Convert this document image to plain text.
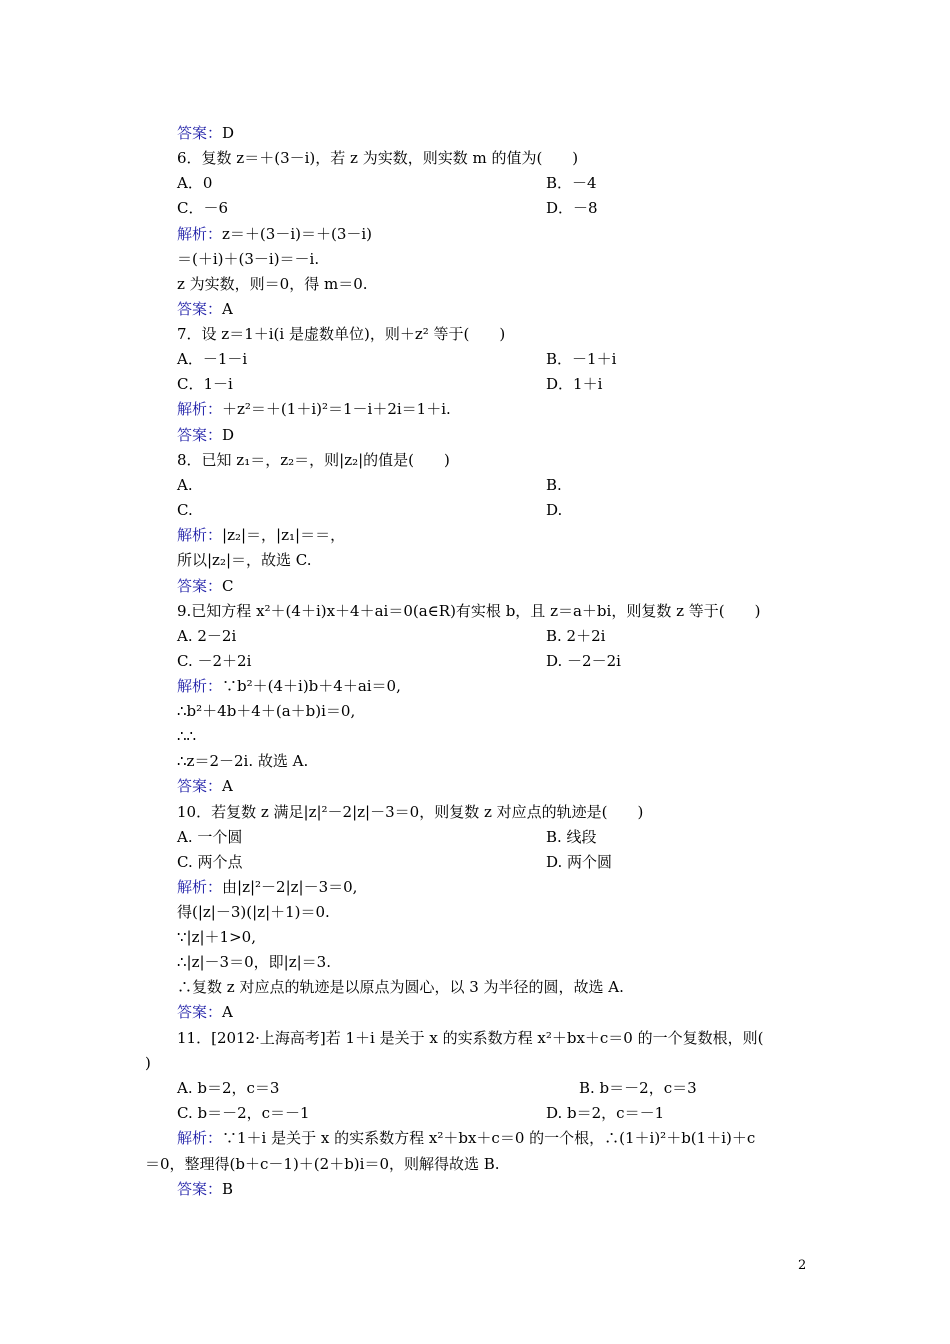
答案：D
6．复数 z＝＋(3－i)，若 z 为实数，则实数 m 的值为(　　)
A．0	B．－4
C．－6	D．－8
解析：z＝＋(3－i)＝＋(3－i)
＝(＋i)＋(3－i)＝－i.
z 为实数，则＝0，得 m＝0.
答案：A
7．设 z＝1＋i(i 是虚数单位)，则＋z² 等于(　　)
A．－1－i	B．－1＋i
C．1－i	D．1＋i
解析：＋z²＝＋(1＋i)²＝1－i＋2i＝1＋i.
答案：D
8．已知 z₁＝，z₂＝，则|z₂|的值是(　　)
A.	B.
C.	D.
解析：|z₂|＝，|z₁|＝＝，
所以|z₂|＝，故选 C.
答案：C
9.已知方程 x²＋(4＋i)x＋4＋ai＝0(a∈R)有实根 b，且 z＝a＋bi，则复数 z 等于(　　)
A. 2－2i	B. 2＋2i
C. －2＋2i	D. －2－2i
解析：∵b²＋(4＋i)b＋4＋ai＝0,
∴b²＋4b＋4＋(a＋b)i＝0,
∴∴
∴z＝2－2i. 故选 A.
答案：A
10．若复数 z 满足|z|²－2|z|－3＝0，则复数 z 对应点的轨迹是(　　)
A. 一个圆	B. 线段
C. 两个点	D. 两个圆
解析：由|z|²－2|z|－3＝0,
得(|z|－3)(|z|＋1)＝0.
∵|z|＋1>0,
∴|z|－3＝0，即|z|＝3.
∴复数 z 对应点的轨迹是以原点为圆心，以 3 为半径的圆，故选 A.
答案：A
11．[2012·上海高考]若 1＋i 是关于 x 的实系数方程 x²＋bx＋c＝0 的一个复数根，则(
)
A. b＝2，c＝3	B. b＝－2，c＝3
C. b＝－2，c＝－1	D. b＝2，c＝－1
解析：∵1＋i 是关于 x 的实系数方程 x²＋bx＋c＝0 的一个根，∴(1＋i)²＋b(1＋i)＋c
＝0，整理得(b＋c－1)＋(2＋b)i＝0，则解得故选 B.
答案：B
2
